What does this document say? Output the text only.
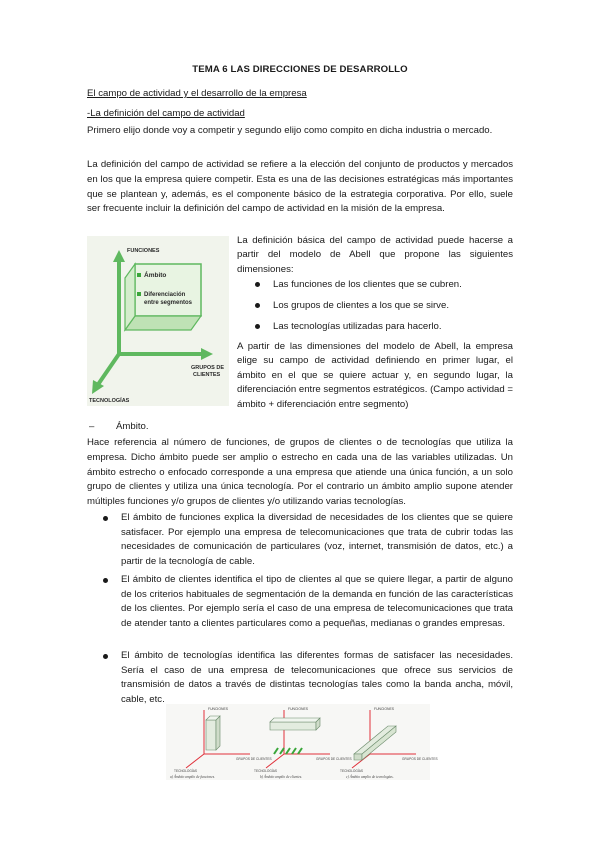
TEMA 6 LAS DIRECCIONES DE DESARROLLO
El campo de actividad y el desarrollo de la empresa
-La definición del campo de actividad

Primero elijo donde voy a competir y segundo elijo como compito en dicha industria o mercado.

La definición del campo de actividad se refiere a la elección del conjunto de productos y mercados en los que la empresa quiere competir. Esta es una de las decisiones estratégicas más importantes que se plantean y, además, es el componente básico de la estrategia corporativa. Por ello, suele ser frecuente incluir la definición del campo de actividad en la misión de la empresa.

Ámbito
Diferenciación
entre segmentos
FUNCIONES
GRUPOS DE
CLIENTES
TECNOLOGÍAS

La definición básica del campo de actividad puede hacerse a partir del modelo de Abell que propone las siguientes dimensiones:

Las funciones de los clientes que se cubren.
Los grupos de clientes a los que se sirve.
Las tecnologías utilizadas para hacerlo.

A partir de las dimensiones del modelo de Abell, la empresa elige su campo de actividad definiendo en primer lugar, el ámbito en el que se quiere actuar y, en segundo lugar, la diferenciación entre segmentos estratégicos. (Campo actividad = ámbito + diferenciación entre segmento)

– Ámbito.

Hace referencia al número de funciones, de grupos de clientes o de tecnologías que utiliza la empresa. Dicho ámbito puede ser amplio o estrecho en cada una de las variables utilizadas. Un ámbito estrecho o enfocado corresponde a una empresa que atiende una única función, a un solo grupo de clientes y utiliza una única tecnología. Por el contrario un ámbito amplio supone atender múltiples funciones y/o grupos de clientes y/o utilizando varias tecnologías.

El ámbito de funciones explica la diversidad de necesidades de los clientes que se quiere satisfacer. Por ejemplo una empresa de telecomunicaciones que trata de cubrir todas las necesidades de comunicación de particulares (voz, internet, transmisión de datos, etc.) a partir de la tecnología de cable.

El ámbito de clientes identifica el tipo de clientes al que se quiere llegar, a partir de alguno de los criterios habituales de segmentación de la demanda en función de las características de los clientes. Por ejemplo sería el caso de una empresa de telecomunicaciones que trata de atender tanto a clientes particulares como a pequeñas, medianas o grandes empresas.

El ámbito de tecnologías identifica las diferentes formas de satisfacer las necesidades. Sería el caso de una empresa de telecomunicaciones que ofrece sus servicios de transmisión de datos a través de distintas tecnologías tales como la banda ancha, móvil, cable, etc.

FUNCIONES
GRUPOS DE CLIENTES
TECNOLOGÍAS
a) Ámbito amplio de funciones.
FUNCIONES
GRUPOS DE CLIENTES
TECNOLOGÍAS
b) Ámbito amplio de clientes.
FUNCIONES
GRUPOS DE CLIENTES
TECNOLOGÍAS
c) Ámbito amplio de tecnologías.
